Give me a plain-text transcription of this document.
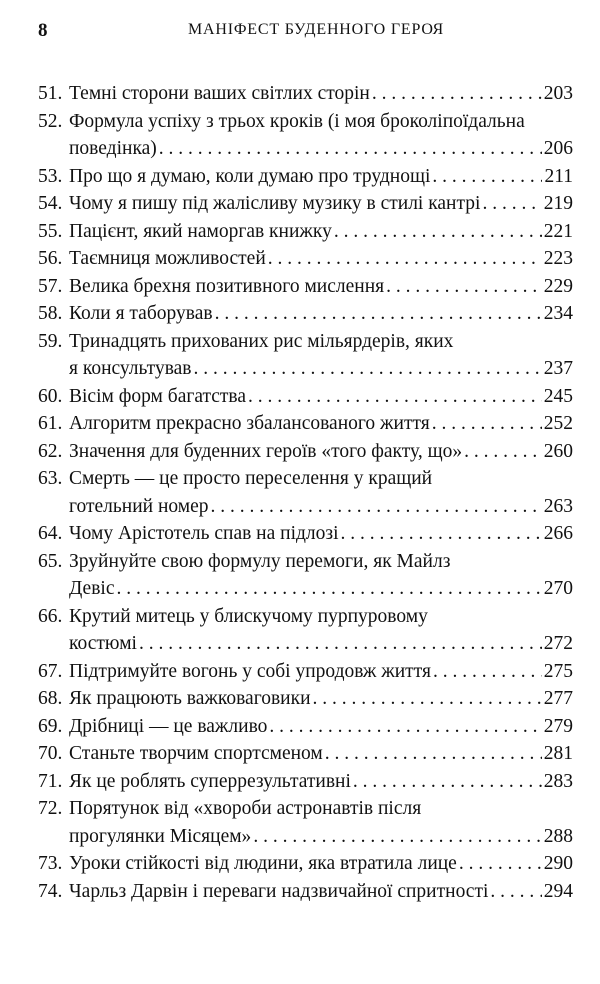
8	МАНІФЕСТ БУДЕННОГО ГЕРОЯ
51. Темні сторони ваших світлих сторін . . .	203
52. Формула успіху з трьох кроків (і моя броколіпоїдальна
поведінка) . . .	206
53. Про що я думаю, коли думаю про труднощі . . .	211
54. Чому я пишу під жалісливу музику в стилі кантрі . . .	219
55. Пацієнт, який наморгав книжку . . .	221
56. Таємниця можливостей . . .	223
57. Велика брехня позитивного мислення . . .	229
58. Коли я таборував . . .	234
59. Тринадцять прихованих рис мільярдерів, яких
я консультував . . .	237
60. Вісім форм багатства . . .	245
61. Алгоритм прекрасно збалансованого життя . . .	252
62. Значення для буденних героїв «того факту, що» . . .	260
63. Смерть — це просто переселення у кращий
готельний номер . . .	263
64. Чому Арістотель спав на підлозі . . .	266
65. Зруйнуйте свою формулу перемоги, як Майлз
Девіс . . .	270
66. Крутий митець у блискучому пурпуровому
костюмі . . .	272
67. Підтримуйте вогонь у собі упродовж життя . . .	275
68. Як працюють важковаговики . . .	277
69. Дрібниці — це важливо . . .	279
70. Станьте творчим спортсменом . . .	281
71. Як це роблять суперрезультативні . . .	283
72. Порятунок від «хвороби астронавтів після
прогулянки Місяцем» . . .	288
73. Уроки стійкості від людини, яка втратила лице . . .	290
74. Чарльз Дарвін і переваги надзвичайної спритності . . .	294
